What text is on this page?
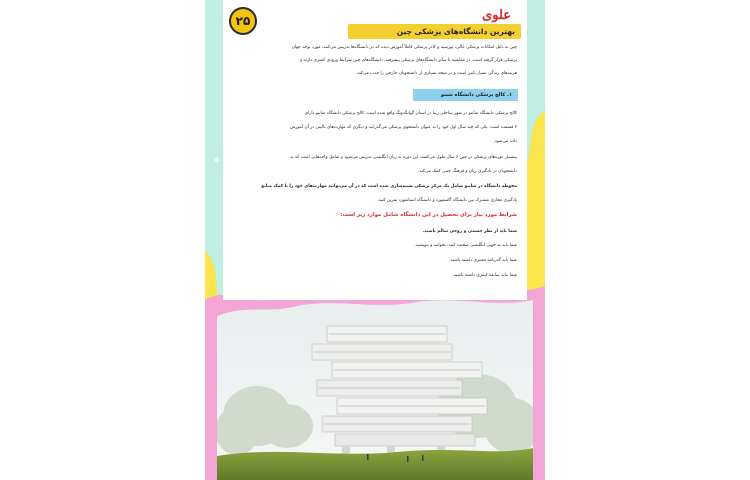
۲۵	علوی
بهترین دانشگاه‌های پزشکی چین
چین به دلیل امکانات پزشکی عالی، بورسیه و کادر پزشکی کاملاً آموزش دیده که در دانشگاه‌ها تدریس می‌کنند، مورد توجه جهان
پزشکی قرار گرفته است. در مقایسه با سایر دانشگاه‌های پزشکی پیشرفته، دانشگاه‌های چین شرایط ورودی کمتری دارند و
هزینه‌های زندگی بسیار پایین است و در نتیجه بسیاری از دانشجویان خارجی را جذب می‌کند.
۱. کالج پزشکی دانشگاه شنتو
کالج پزشکی دانشگاه شانتو در شهر ساحلی زیبا در استان گوانگدونگ واقع شده است. کالج پزشکی دانشگاه شانتو دارای
۲ قسمت است. یکی که چند سال اول خود را به عنوان دانشجوی پزشکی می‌گذرانید و دیگری که مهارت‌های بالینی در آن آموزش
داده می‌شود.
پیشنیاز دوره‌های پزشکی در چین ۶ سال طول می‌کشد. این دوره به زبان انگلیسی تدریس می‌شود و شامل واحدهایی است که به
دانشجویان در یادگیری زبان و فرهنگ چینی کمک می‌کند.
محوطه دانشگاه در شانتو شامل یک مرکز پزشکی شبیه‌سازی شده است که در آن می‌توانید مهارت‌های خود را با کمک منابع
یادگیری مجازی مشترک بین دانشگاه آکسفورد و دانشگاه استانفورد تمرین کنید.
شرایط مورد نیاز برای تحصیل در این دانشگاه شامل موارد زیر است:
شما باید از نظر جسمی و روحی سالم باشید.
شما باید به خوبی انگلیسی صحبت کنید، بخوانید و بنویسید.
شما باید گذرنامه معتبری داشته باشید.
شما نباید سابقه کیفری داشته باشید.
